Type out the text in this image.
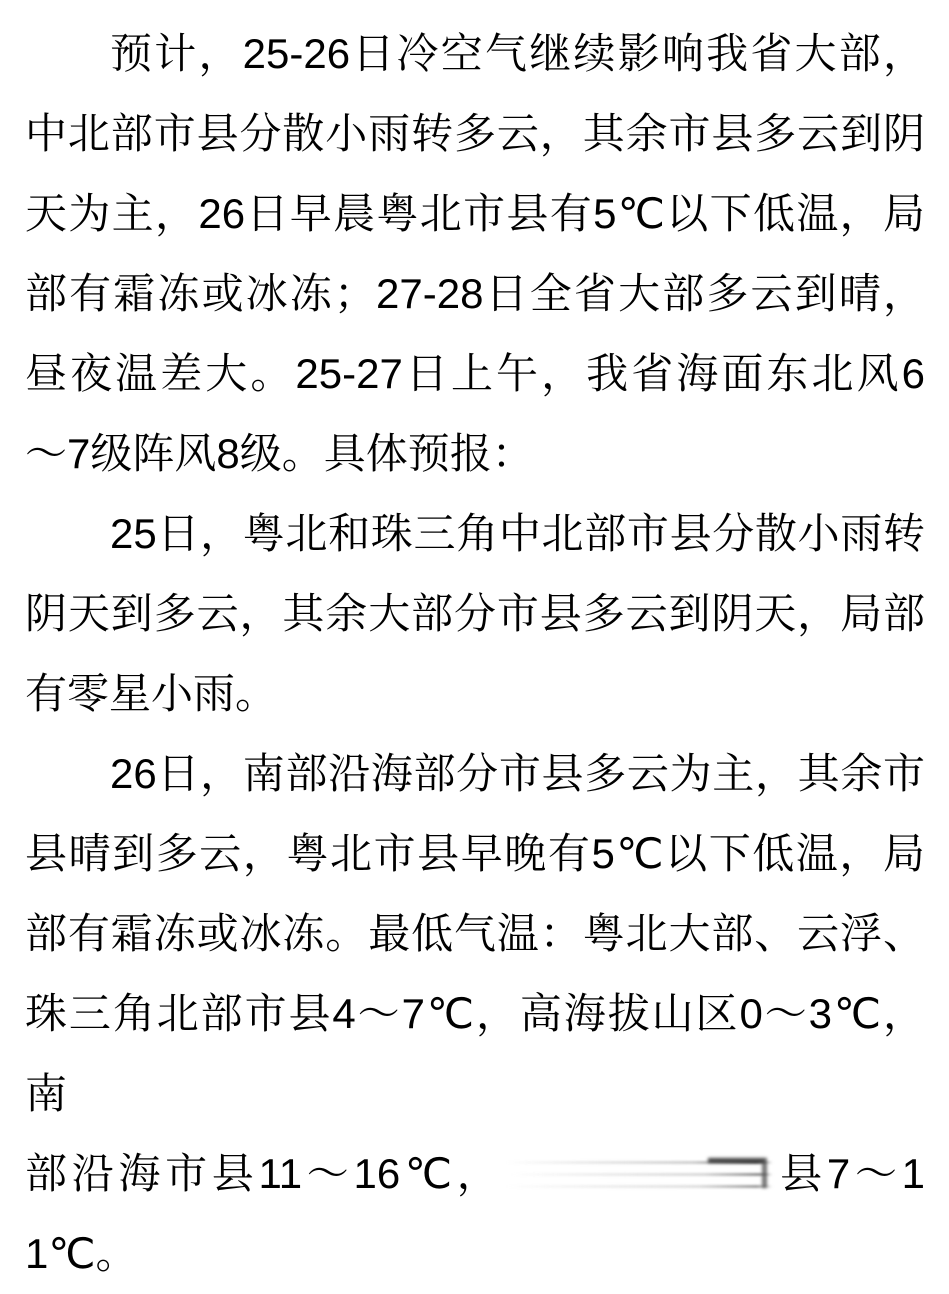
预计，25-26日冷空气继续影响我省大部，
中北部市县分散小雨转多云，其余市县多云到阴
天为主，26日早晨粤北市县有5℃以下低温，局
部有霜冻或冰冻；27-28日全省大部多云到晴，
昼夜温差大。25-27日上午，我省海面东北风6
～7级阵风8级。具体预报：
25日，粤北和珠三角中北部市县分散小雨转
阴天到多云，其余大部分市县多云到阴天，局部
有零星小雨。
26日，南部沿海部分市县多云为主，其余市
县晴到多云，粤北市县早晚有5℃以下低温，局
部有霜冻或冰冻。最低气温：粤北大部、云浮、
珠三角北部市县4～7℃，高海拔山区0～3℃，南
部沿海市县11～16℃，	县7～1
1℃。
